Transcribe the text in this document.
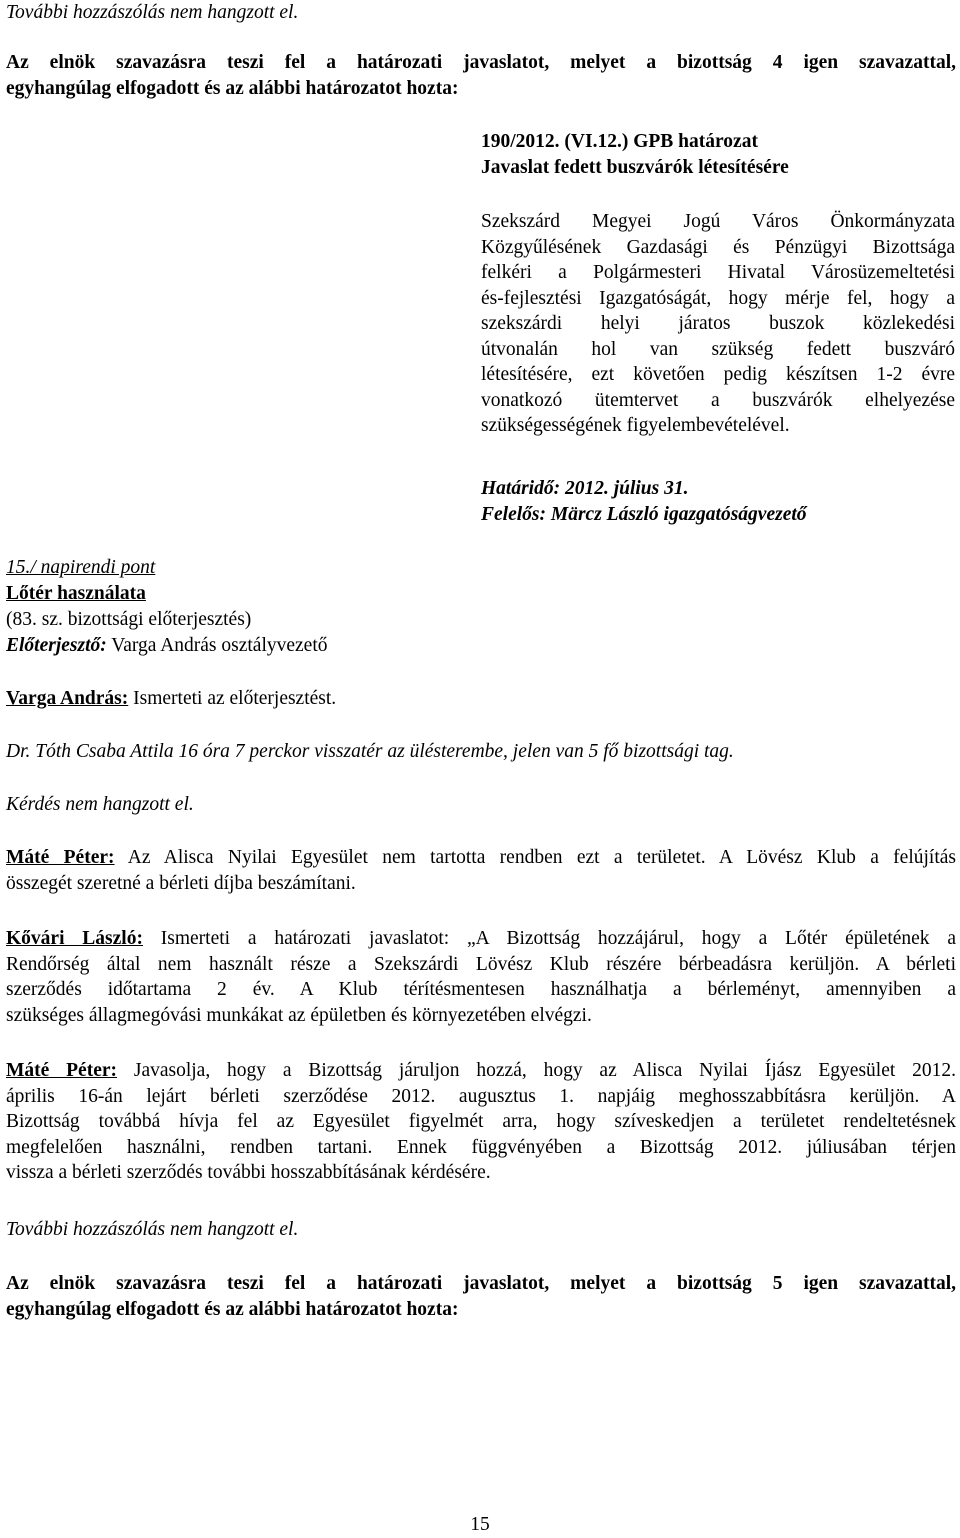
További hozzászólás nem hangzott el.
Az elnök szavazásra teszi fel a határozati javaslatot, melyet a bizottság 4 igen szavazattal,
egyhangúlag elfogadott és az alábbi határozatot hozta:
190/2012. (VI.12.) GPB határozat
Javaslat fedett buszvárók létesítésére
Szekszárd Megyei Jogú Város Önkormányzata
Közgyűlésének Gazdasági és Pénzügyi Bizottsága
felkéri a Polgármesteri Hivatal Városüzemeltetési
és-fejlesztési Igazgatóságát, hogy mérje fel, hogy a
szekszárdi helyi járatos buszok közlekedési
útvonalán hol van szükség fedett buszváró
létesítésére, ezt követően pedig készítsen 1-2 évre
vonatkozó ütemtervet a buszvárók elhelyezése
szükségességének figyelembevételével.
Határidő: 2012. július 31.
Felelős: Märcz László igazgatóságvezető
15./ napirendi pont
Lőtér használata
(83. sz. bizottsági előterjesztés)
Előterjesztő: Varga András osztályvezető
Varga András: Ismerteti az előterjesztést.
Dr. Tóth Csaba Attila 16 óra 7 perckor visszatér az ülésterembe, jelen van 5 fő bizottsági tag.
Kérdés nem hangzott el.
Máté Péter: Az Alisca Nyilai Egyesület nem tartotta rendben ezt a területet. A Lövész Klub a felújítás
összegét szeretné a bérleti díjba beszámítani.
Kővári László: Ismerteti a határozati javaslatot: „A Bizottság hozzájárul, hogy a Lőtér épületének a
Rendőrség által nem használt része a Szekszárdi Lövész Klub részére bérbeadásra kerüljön. A bérleti
szerződés időtartama 2 év. A Klub térítésmentesen használhatja a bérleményt, amennyiben a
szükséges állagmegóvási munkákat az épületben és környezetében elvégzi.
Máté Péter: Javasolja, hogy a Bizottság járuljon hozzá, hogy az Alisca Nyilai Íjász Egyesület 2012.
április 16-án lejárt bérleti szerződése 2012. augusztus 1. napjáig meghosszabbításra kerüljön. A
Bizottság továbbá hívja fel az Egyesület figyelmét arra, hogy szíveskedjen a területet rendeltetésnek
megfelelően használni, rendben tartani. Ennek függvényében a Bizottság 2012. júliusában térjen
vissza a bérleti szerződés további hosszabbításának kérdésére.
További hozzászólás nem hangzott el.
Az elnök szavazásra teszi fel a határozati javaslatot, melyet a bizottság 5 igen szavazattal,
egyhangúlag elfogadott és az alábbi határozatot hozta:
15
